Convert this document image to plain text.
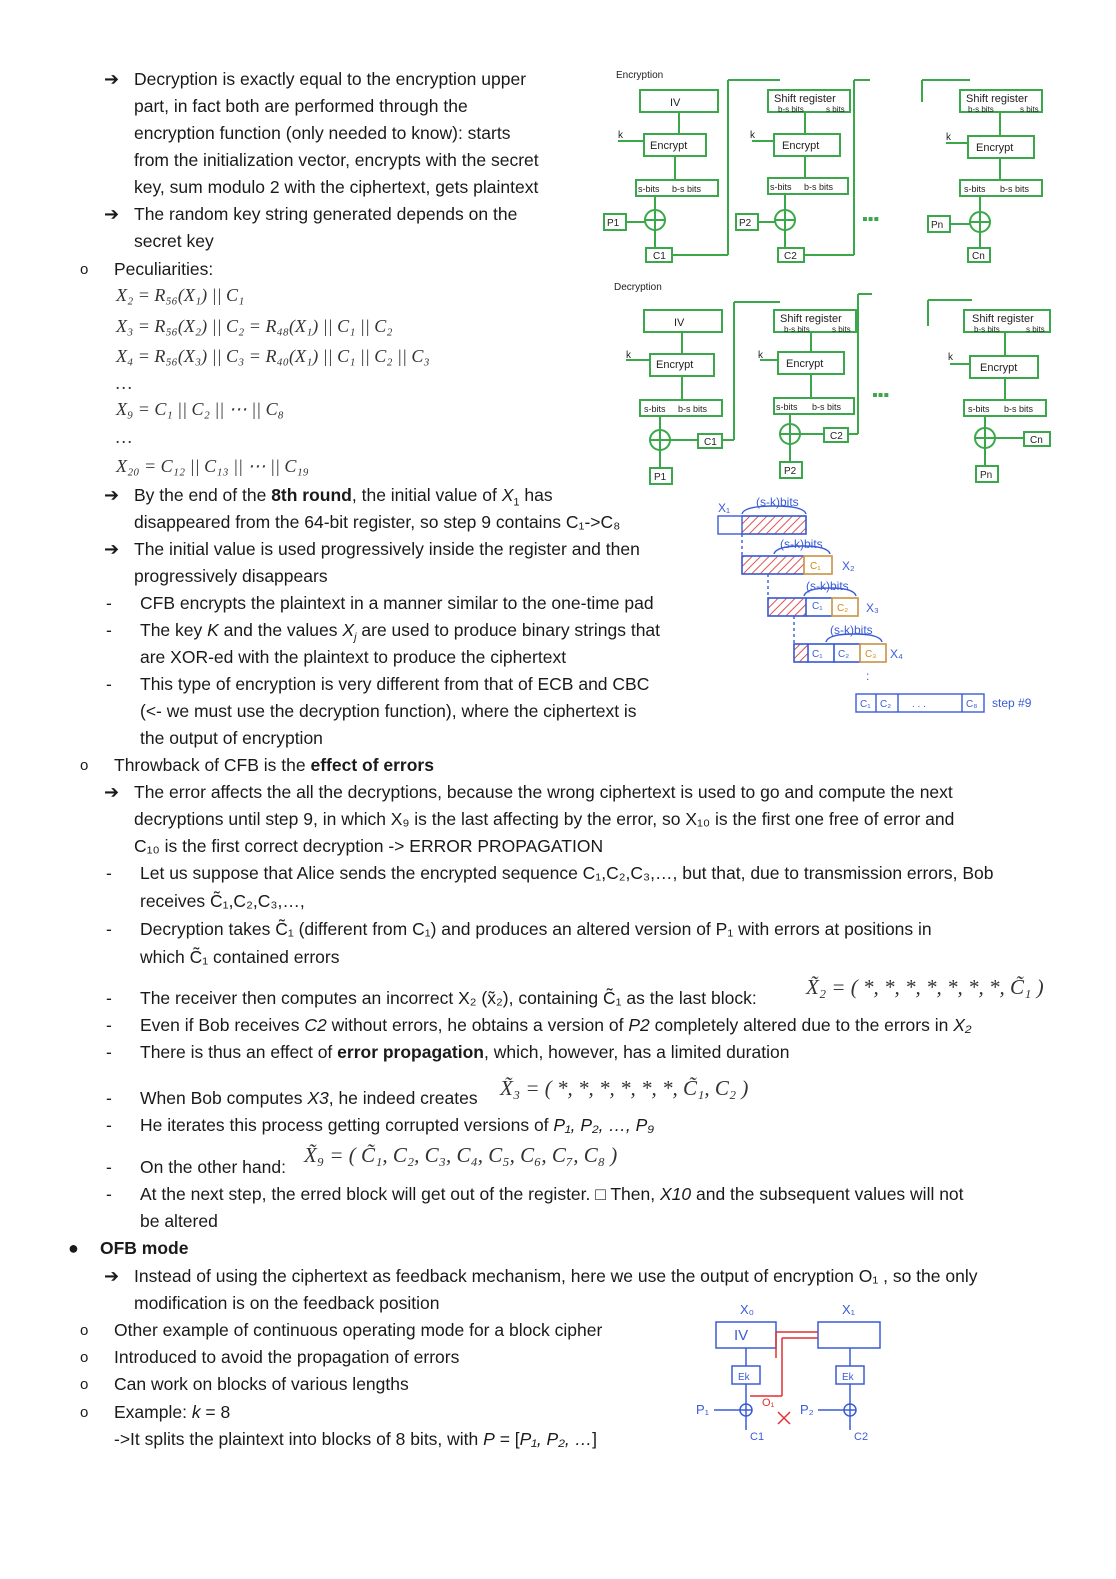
➔ Decryption is exactly equal to the encryption upper
part, in fact both are performed through the
encryption function (only needed to know): starts
from the initialization vector, encrypts with the secret
key, sum modulo 2 with the ciphertext, gets plaintext
➔ The random key string generated depends on the
secret key
o Peculiarities:
X₂ = R₅₆(X₁) || C₁
X₃ = R₅₆(X₂) || C₂ = R₄₈(X₁) || C₁ || C₂
X₄ = R₅₆(X₃) || C₃ = R₄₀(X₁) || C₁ || C₂ || C₃
…
X₉ = C₁ || C₂ || ⋯ || C₈
…
X₂₀ = C₁₂ || C₁₃ || ⋯ || C₁₉
➔ By the end of the 8th round, the initial value of $X_1$ has
disappeared from the 64-bit register, so step 9 contains C₁->C₈
➔ The initial value is used progressively inside the register and then
progressively disappears
- CFB encrypts the plaintext in a manner similar to the one-time pad
- The key K and the values $X_j$ are used to produce binary strings that
are XOR-ed with the plaintext to produce the ciphertext
- This type of encryption is very different from that of ECB and CBC
(<- we must use the decryption function), where the ciphertext is
the output of encryption
o Throwback of CFB is the effect of errors
➔ The error affects the all the decryptions, because the wrong ciphertext is used to go and compute the next
decryptions until step 9, in which X₉ is the last affecting by the error, so X₁₀ is the first one free of error and
C₁₀ is the first correct decryption -> ERROR PROPAGATION
- Let us suppose that Alice sends the encrypted sequence C₁,C₂,C₃,…, but that, due to transmission errors, Bob
receives C̃₁,C₂,C₃,…,
- Decryption takes C̃₁ (different from C₁) and produces an altered version of P₁ with errors at positions in
which C̃₁ contained errors
- The receiver then computes an incorrect X₂ (x̃₂), containing C̃₁ as the last block: X̃₂ = ( *, *, *, *, *, *, *, C̃₁ )
- Even if Bob receives C2 without errors, he obtains a version of P2 completely altered due to the errors in X₂
- There is thus an effect of error propagation, which, however, has a limited duration
- When Bob computes X3, he indeed creates X̃₃ = ( *, *, *, *, *, *, C̃₁, C₂ )
- He iterates this process getting corrupted versions of P₁, P₂, …, P₉
- On the other hand: X̃₉ = ( C̃₁, C₂, C₃, C₄, C₅, C₆, C₇, C₈ )
- At the next step, the erred block will get out of the register. □ Then, X10 and the subsequent values will not
be altered
● OFB mode
➔ Instead of using the ciphertext as feedback mechanism, here we use the output of encryption O₁ , so the only
modification is on the feedback position
o Other example of continuous operating mode for a block cipher
o Introduced to avoid the propagation of errors
o Can work on blocks of various lengths
o Example: k = 8
->It splits the plaintext into blocks of 8 bits, with P = [P₁, P₂, …]
Encryption
Decryption
IV
k
Encrypt
s-bits b-s bits
P1
C1
Shift register
b-s bits	s bits
k
Encrypt
s-bits b-s bits
P2
C2
▪▪▪
Shift register
b-s bits	s bits
k
Encrypt
s-bits b-s bits
Pn
Cn
IV
k
Encrypt
s-bits b-s bits
C1
P1
Shift register
b-s bits	s bits
k
Encrypt
s-bits b-s bits
C2
P2
▪▪▪
Shift register
b-s bits	s bits
k
Encrypt
s-bits b-s bits
Cn
Pn
X₁ (s-k)bits
(s-k)bits
X₂
(s-k)bits
X₃
(s-k)bits
X₄
C₁
C₁ C₂
C₁ C₂ . . .	C₈ step #9
:
C₁
C₂
C₃
X₀	X₁
IV
Ek	Ek
P₁	P₂
C1	C2
O₁
